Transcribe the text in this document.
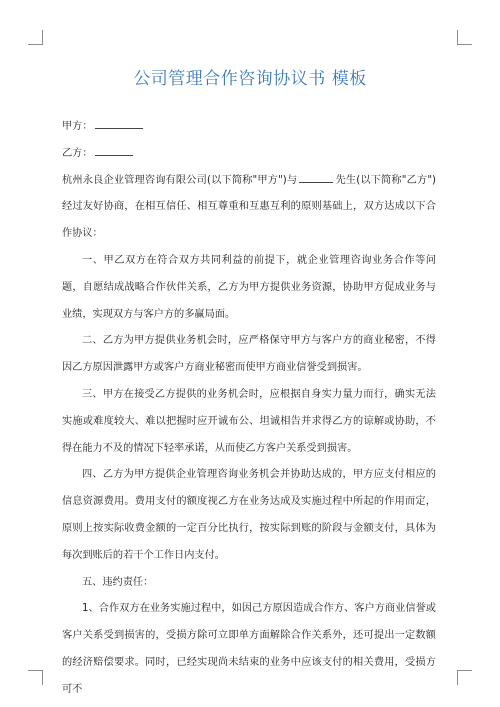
公司管理合作咨询协议书 模板

甲方：

乙方：

杭州永良企业管理咨询有限公司(以下简称"甲方")与	先生(以下简称"乙方")经过友好协商，在相互信任、相互尊重和互惠互利的原则基础上，双方达成以下合作协议：

一、甲乙双方在符合双方共同利益的前提下，就企业管理咨询业务合作等问题，自愿结成战略合作伙伴关系，乙方为甲方提供业务资源，协助甲方促成业务与业绩，实现双方与客户方的多赢局面。

二、乙方为甲方提供业务机会时，应严格保守甲方与客户方的商业秘密，不得因乙方原因泄露甲方或客户方商业秘密而使甲方商业信誉受到损害。

三、甲方在接受乙方提供的业务机会时，应根据自身实力量力而行，确实无法实施或难度较大、难以把握时应开诚布公、坦诚相告并求得乙方的谅解或协助，不得在能力不及的情况下轻率承诺，从而使乙方客户关系受到损害。

四、乙方为甲方提供企业管理咨询业务机会并协助达成的，甲方应支付相应的信息资源费用。费用支付的额度视乙方在业务达成及实施过程中所起的作用而定，原则上按实际收费金额的一定百分比执行，按实际到账的阶段与金额支付，具体为每次到账后的若干个工作日内支付。

五、违约责任：

1、合作双方在业务实施过程中，如因己方原因造成合作方、客户方商业信誉或客户关系受到损害的，受损方除可立即单方面解除合作关系外，还可提出一定数额的经济赔偿要求。同时，已经实现尚未结束的业务中应该支付的相关费用，受损方可不
